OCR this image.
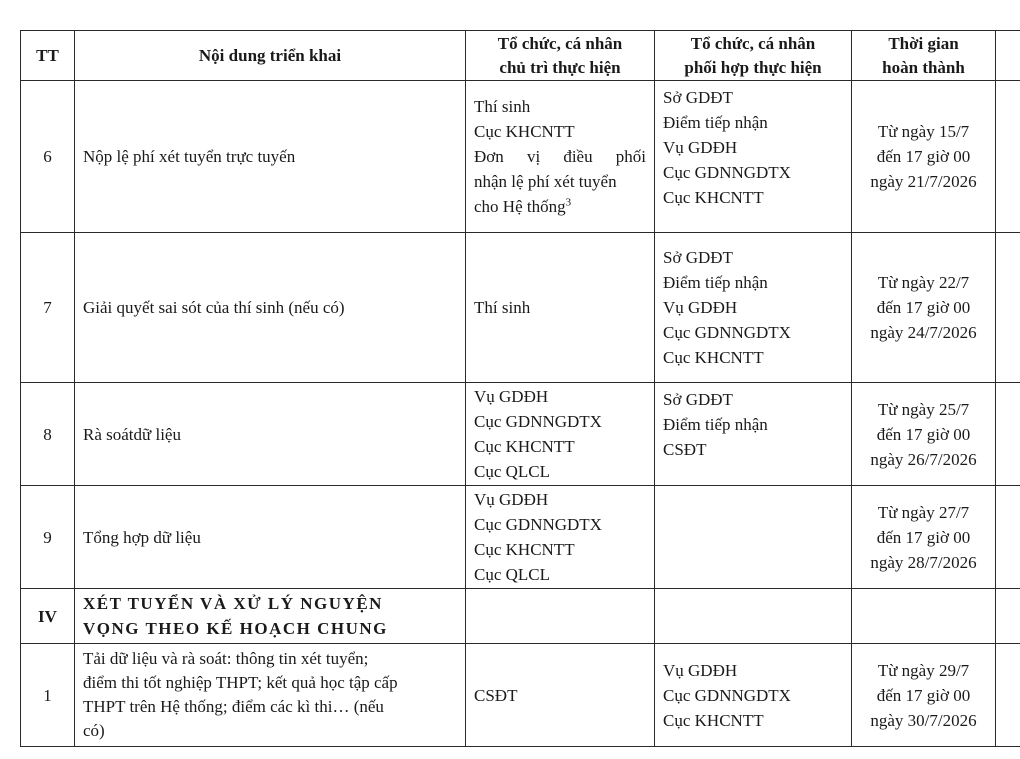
TT	Nội dung triển khai	Tổ chức, cá nhân
chủ trì thực hiện	Tổ chức, cá nhân
phối hợp thực hiện	Thời gian
hoàn thành	

6	Nộp lệ phí xét tuyển trực tuyến	Thí sinh
Cục KHCNTT
Đơn vị điều phối
nhận lệ phí xét tuyển
cho Hệ thống$^3$	Sở GDĐT
Điểm tiếp nhận
Vụ GDĐH
Cục GDNNGDTX
Cục KHCNTT	Từ ngày 15/7
đến 17 giờ 00
ngày 21/7/2026	

7	Giải quyết sai sót của thí sinh (nếu có)	Thí sinh	Sở GDĐT
Điểm tiếp nhận
Vụ GDĐH
Cục GDNNGDTX
Cục KHCNTT	Từ ngày 22/7
đến 17 giờ 00
ngày 24/7/2026	

8	Rà soátdữ liệu	Vụ GDĐH
Cục GDNNGDTX
Cục KHCNTT
Cục QLCL	Sở GDĐT
Điểm tiếp nhận
CSĐT	Từ ngày 25/7
đến 17 giờ 00
ngày 26/7/2026	

9	Tổng hợp dữ liệu	Vụ GDĐH
Cục GDNNGDTX
Cục KHCNTT
Cục QLCL		Từ ngày 27/7
đến 17 giờ 00
ngày 28/7/2026	

IV	XÉT TUYỂN VÀ XỬ LÝ NGUYỆN
VỌNG THEO KẾ HOẠCH CHUNG				

1	Tải dữ liệu và rà soát: thông tin xét tuyển;
điểm thi tốt nghiệp THPT; kết quả học tập cấp
THPT trên Hệ thống; điểm các kì thi… (nếu
có)	CSĐT	Vụ GDĐH
Cục GDNNGDTX
Cục KHCNTT	Từ ngày 29/7
đến 17 giờ 00
ngày 30/7/2026	
